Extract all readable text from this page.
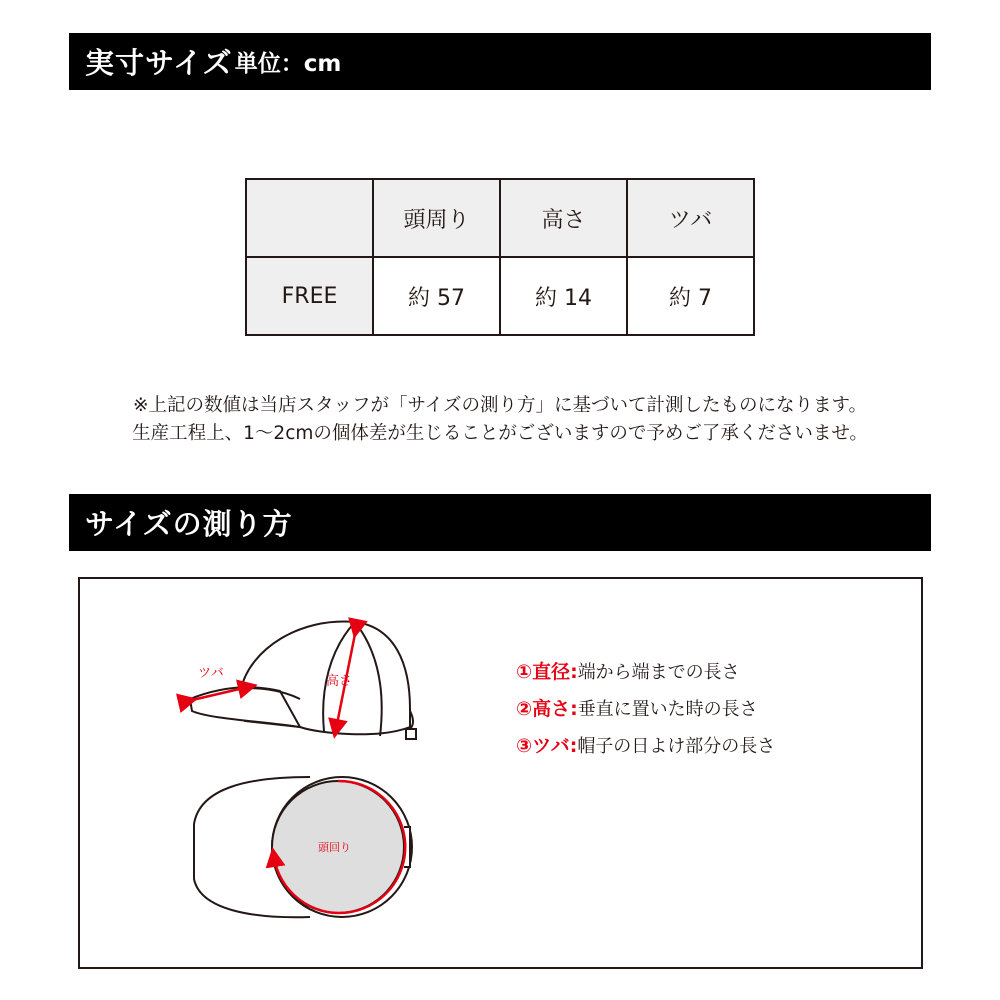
実寸サイズ 単位：cm
	頭周り	高さ	ツバ
FREE	約 57	約 14	約 7
※上記の数値は当店スタッフが「サイズの測り方」に基づいて計測したものになります。
生産工程上、1〜2cmの個体差が生じることがございますので予めご了承くださいませ。
サイズの測り方
ツバ
高さ
頭回り
①直径: 端から端までの長さ
②高さ: 垂直に置いた時の長さ
③ツバ: 帽子の日よけ部分の長さ
